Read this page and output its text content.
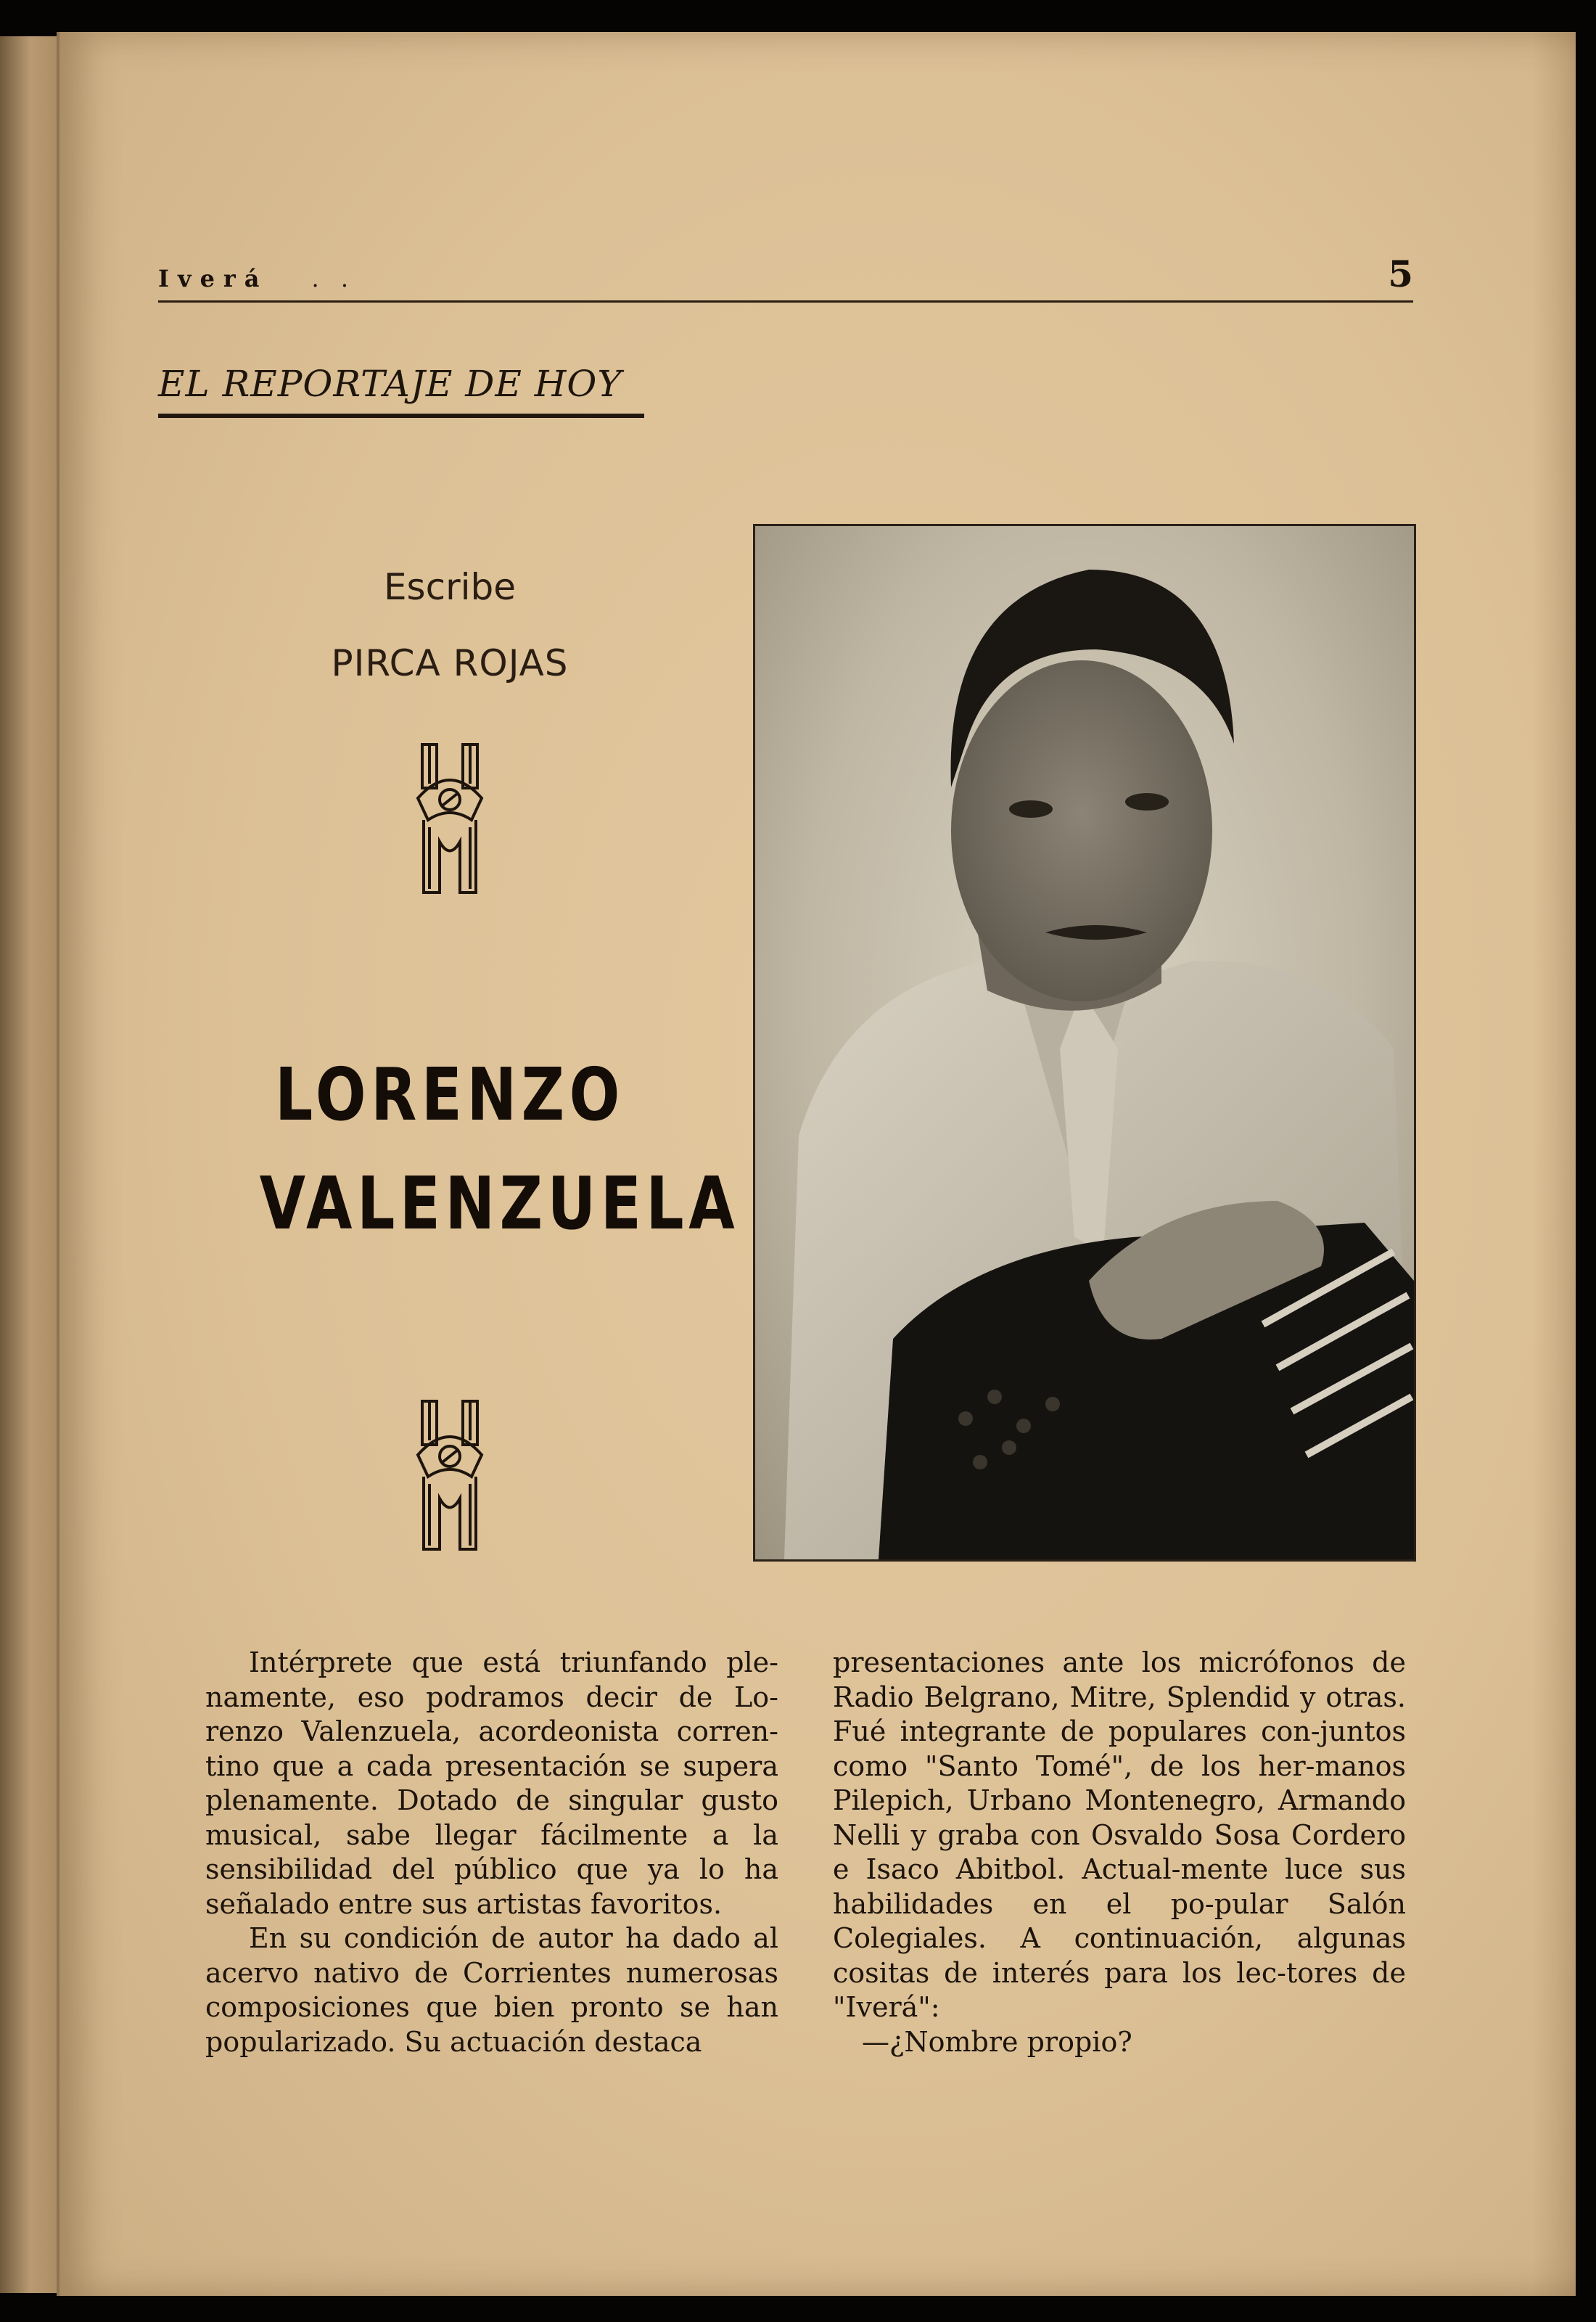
Iverá . .	5
EL REPORTAJE DE HOY
Escribe
PIRCA ROJAS
LORENZO
VALENZUELA

Intérprete que está triunfando ple-namente, eso podramos decir de Lo-renzo Valenzuela, acordeonista corren-tino que a cada presentación se supera plenamente. Dotado de singular gusto musical, sabe llegar fácilmente a la sensibilidad del público que ya lo ha señalado entre sus artistas favoritos.

En su condición de autor ha dado al acervo nativo de Corrientes numerosas composiciones que bien pronto se han popularizado. Su actuación destaca

presentaciones ante los micrófonos de Radio Belgrano, Mitre, Splendid y otras. Fué integrante de populares con-juntos como "Santo Tomé", de los her-manos Pilepich, Urbano Montenegro, Armando Nelli y graba con Osvaldo Sosa Cordero e Isaco Abitbol. Actual-mente luce sus habilidades en el po-pular Salón Colegiales. A continuación, algunas cositas de interés para los lec-tores de "Iverá":

—¿Nombre propio?
